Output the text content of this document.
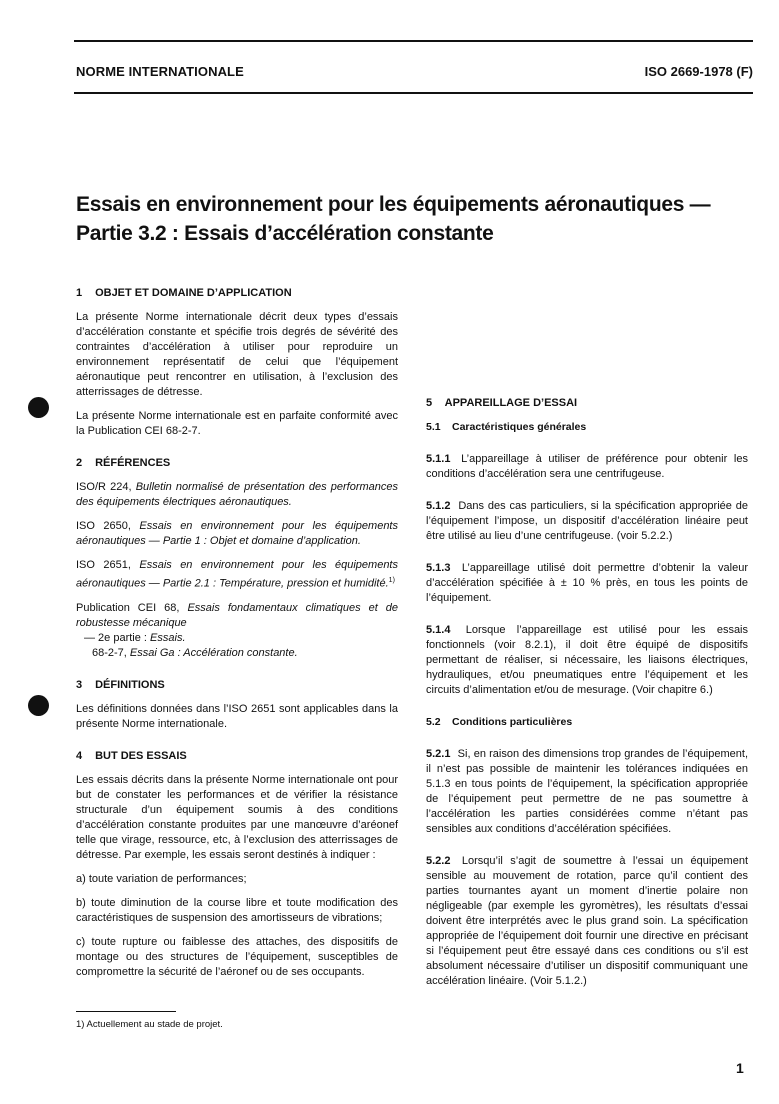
NORME INTERNATIONALE	ISO 2669-1978 (F)
Essais en environnement pour les équipements aéronautiques —
Partie 3.2 : Essais d’accélération constante
1 OBJET ET DOMAINE D’APPLICATION

La présente Norme internationale décrit deux types d’essais d’accélération constante et spécifie trois degrés de sévérité des contraintes d’accélération à utiliser pour reproduire un environnement représentatif de celui que l’équipement aéronautique peut rencontrer en utilisation, à l’exclusion des atterrissages de détresse.

La présente Norme internationale est en parfaite conformité avec la Publication CEI 68-2-7.

2 RÉFÉRENCES

ISO/R 224, Bulletin normalisé de présentation des performances des équipements électriques aéronautiques.

ISO 2650, Essais en environnement pour les équipements aéronautiques — Partie 1 : Objet et domaine d’application.

ISO 2651, Essais en environnement pour les équipements aéronautiques — Partie 2.1 : Température, pression et humidité.$^{1)}$

Publication CEI 68, Essais fondamentaux climatiques et de robustesse mécanique

— 2e partie : Essais.
68-2-7, Essai Ga : Accélération constante.
3 DÉFINITIONS

Les définitions données dans l’ISO 2651 sont applicables dans la présente Norme internationale.

4 BUT DES ESSAIS

Les essais décrits dans la présente Norme internationale ont pour but de constater les performances et de vérifier la résistance structurale d’un équipement soumis à des conditions d’accélération constante produites par une manœuvre d’aréonef telle que virage, ressource, etc, à l’exclusion des atterrissages de détresse. Par exemple, les essais seront destinés à indiquer :

a) toute variation de performances;

b) toute diminution de la course libre et toute modification des caractéristiques de suspension des amortisseurs de vibrations;

c) toute rupture ou faiblesse des attaches, des dispositifs de montage ou des structures de l’équipement, susceptibles de compromettre la sécurité de l’aéronef ou de ses occupants.

5 APPAREILLAGE D’ESSAI
5.1 Caractéristiques générales

5.1.1 L’appareillage à utiliser de préférence pour obtenir les conditions d’accélération sera une centrifugeuse.

5.1.2 Dans des cas particuliers, si la spécification appropriée de l’équipement l’impose, un dispositif d’accélération linéaire peut être utilisé au lieu d’une centrifugeuse. (voir 5.2.2.)

5.1.3 L’appareillage utilisé doit permettre d’obtenir la valeur d’accélération spécifiée à ± 10 % près, en tous les points de l’équipement.

5.1.4 Lorsque l’appareillage est utilisé pour les essais fonctionnels (voir 8.2.1), il doit être équipé de dispositifs permettant de réaliser, si nécessaire, les liaisons électriques, hydrauliques, et/ou pneumatiques entre l’équipement et les circuits d’alimentation et/ou de mesurage. (Voir chapitre 6.)

5.2 Conditions particulières

5.2.1 Si, en raison des dimensions trop grandes de l’équipement, il n’est pas possible de maintenir les tolérances indiquées en 5.1.3 en tous points de l’équipement, la spécification appropriée de l’équipement peut permettre de ne pas soumettre à l’accélération les parties considérées comme n’étant pas sensibles aux conditions d’accélération spécifiées.

5.2.2 Lorsqu’il s’agit de soumettre à l’essai un équipement sensible au mouvement de rotation, parce qu’il contient des parties tournantes ayant un moment d’inertie polaire non négligeable (par exemple les gyromètres), les résultats d’essai doivent être interprétés avec le plus grand soin. La spécification appropriée de l’équipement doit fournir une directive en précisant si l’équipement peut être essayé dans ces conditions ou s’il est absolument nécessaire d’utiliser un dispositif communiquant une accélération linéaire. (Voir 5.1.2.)

1) Actuellement au stade de projet.
1
